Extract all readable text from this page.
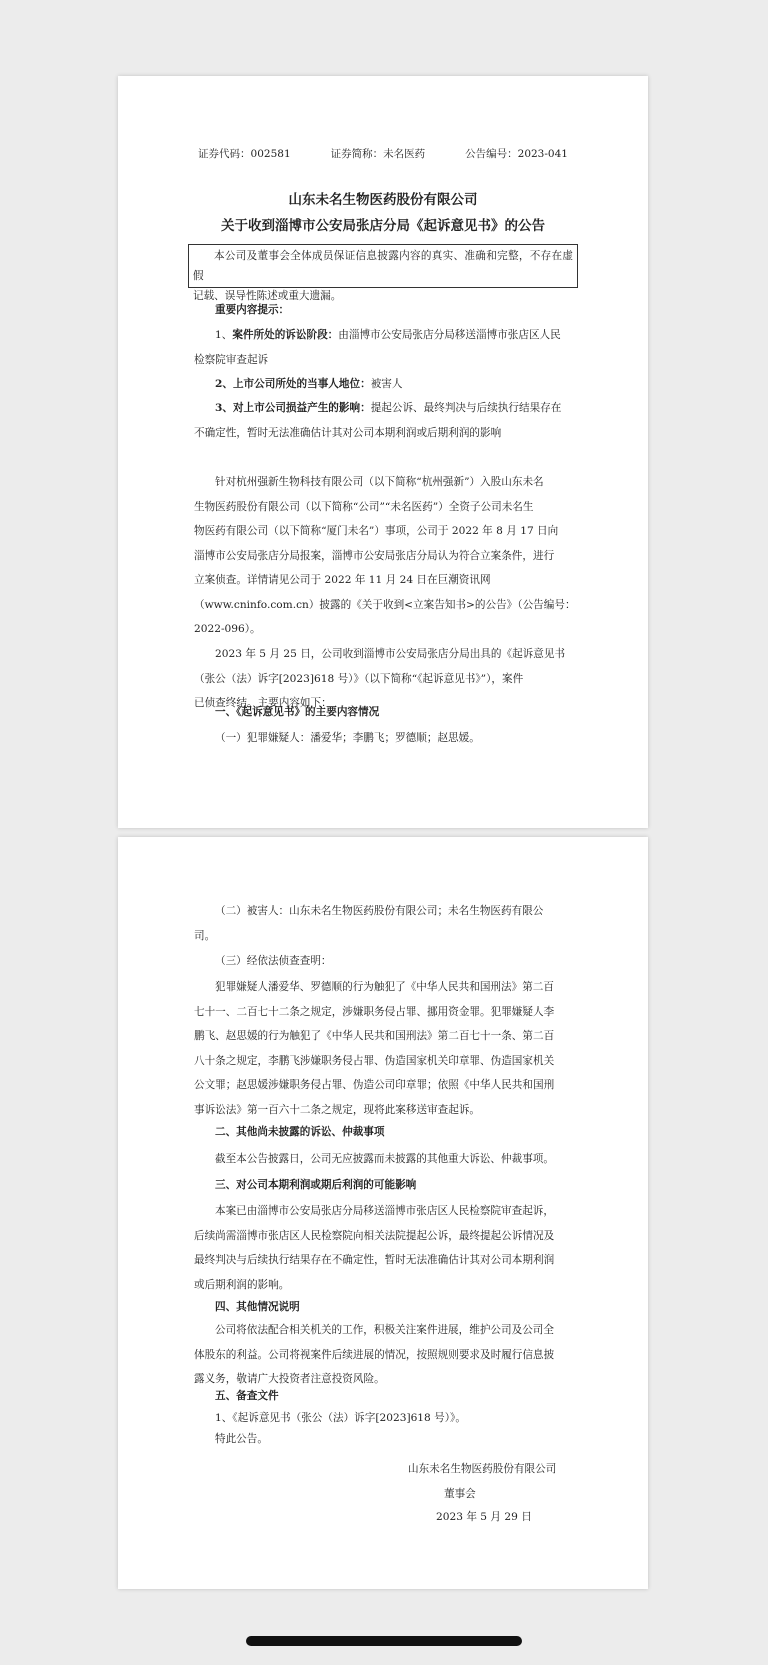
证券代码：002581	证券简称：未名医药	公告编号：2023-041
山东未名生物医药股份有限公司
关于收到淄博市公安局张店分局《起诉意见书》的公告
本公司及董事会全体成员保证信息披露内容的真实、准确和完整，不存在虚假
记载、误导性陈述或重大遗漏。
重要内容提示：
1、案件所处的诉讼阶段：由淄博市公安局张店分局移送淄博市张店区人民
检察院审查起诉
2、上市公司所处的当事人地位：被害人
3、对上市公司损益产生的影响：提起公诉、最终判决与后续执行结果存在
不确定性，暂时无法准确估计其对公司本期利润或后期利润的影响
针对杭州强新生物科技有限公司（以下简称“杭州强新”）入股山东未名
生物医药股份有限公司（以下简称“公司”“未名医药”）全资子公司未名生
物医药有限公司（以下简称“厦门未名”）事项，公司于 2022 年 8 月 17 日向
淄博市公安局张店分局报案，淄博市公安局张店分局认为符合立案条件，进行
立案侦查。详情请见公司于 2022 年 11 月 24 日在巨潮资讯网
（www.cninfo.com.cn）披露的《关于收到<立案告知书>的公告》（公告编号：
2022-096）。
2023 年 5 月 25 日，公司收到淄博市公安局张店分局出具的《起诉意见书
（张公（法）诉字[2023]618 号）》（以下简称“《起诉意见书》”），案件
已侦查终结。主要内容如下：
一、《起诉意见书》的主要内容情况
（一）犯罪嫌疑人：潘爱华；李鹏飞；罗德顺；赵思媛。
（二）被害人：山东未名生物医药股份有限公司；未名生物医药有限公
司。
（三）经依法侦查查明：
犯罪嫌疑人潘爱华、罗德顺的行为触犯了《中华人民共和国刑法》第二百
七十一、二百七十二条之规定，涉嫌职务侵占罪、挪用资金罪。犯罪嫌疑人李
鹏飞、赵思媛的行为触犯了《中华人民共和国刑法》第二百七十一条、第二百
八十条之规定，李鹏飞涉嫌职务侵占罪、伪造国家机关印章罪、伪造国家机关
公文罪；赵思媛涉嫌职务侵占罪、伪造公司印章罪；依照《中华人民共和国刑
事诉讼法》第一百六十二条之规定，现将此案移送审查起诉。
二、其他尚未披露的诉讼、仲裁事项
截至本公告披露日，公司无应披露而未披露的其他重大诉讼、仲裁事项。
三、对公司本期利润或期后利润的可能影响
本案已由淄博市公安局张店分局移送淄博市张店区人民检察院审查起诉，
后续尚需淄博市张店区人民检察院向相关法院提起公诉，最终提起公诉情况及
最终判决与后续执行结果存在不确定性，暂时无法准确估计其对公司本期利润
或后期利润的影响。
四、其他情况说明
公司将依法配合相关机关的工作，积极关注案件进展，维护公司及公司全
体股东的利益。公司将视案件后续进展的情况，按照规则要求及时履行信息披
露义务，敬请广大投资者注意投资风险。
五、备查文件
1、《起诉意见书（张公（法）诉字[2023]618 号）》。
特此公告。
山东未名生物医药股份有限公司
董事会
2023 年 5 月 29 日
